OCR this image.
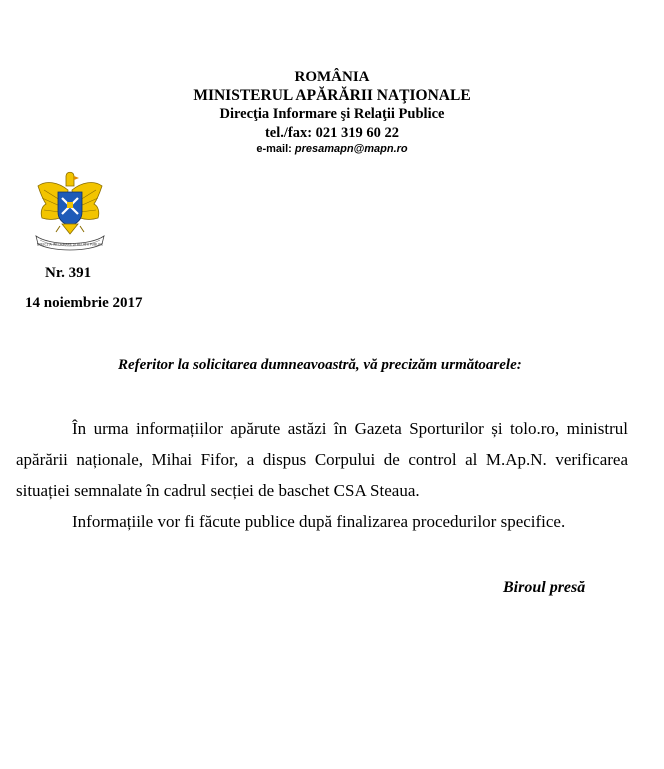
ROMÂNIA
MINISTERUL APĂRĂRII NAŢIONALE
Direcţia Informare şi Relaţii Publice
tel./fax: 021 319 60 22
e-mail: presamapn@mapn.ro
DIRECŢIA INFORMARE ŞI RELAŢII PUBLICE
Nr. 391
14 noiembrie 2017
Referitor la solicitarea dumneavoastră, vă precizăm următoarele:

În urma informațiilor apărute astăzi în Gazeta Sporturilor și tolo.ro, ministrul apărării naționale, Mihai Fifor, a dispus Corpului de control al M.Ap.N. verificarea situației semnalate în cadrul secției de baschet CSA Steaua.

Informațiile vor fi făcute publice după finalizarea procedurilor specifice.

Biroul presă
